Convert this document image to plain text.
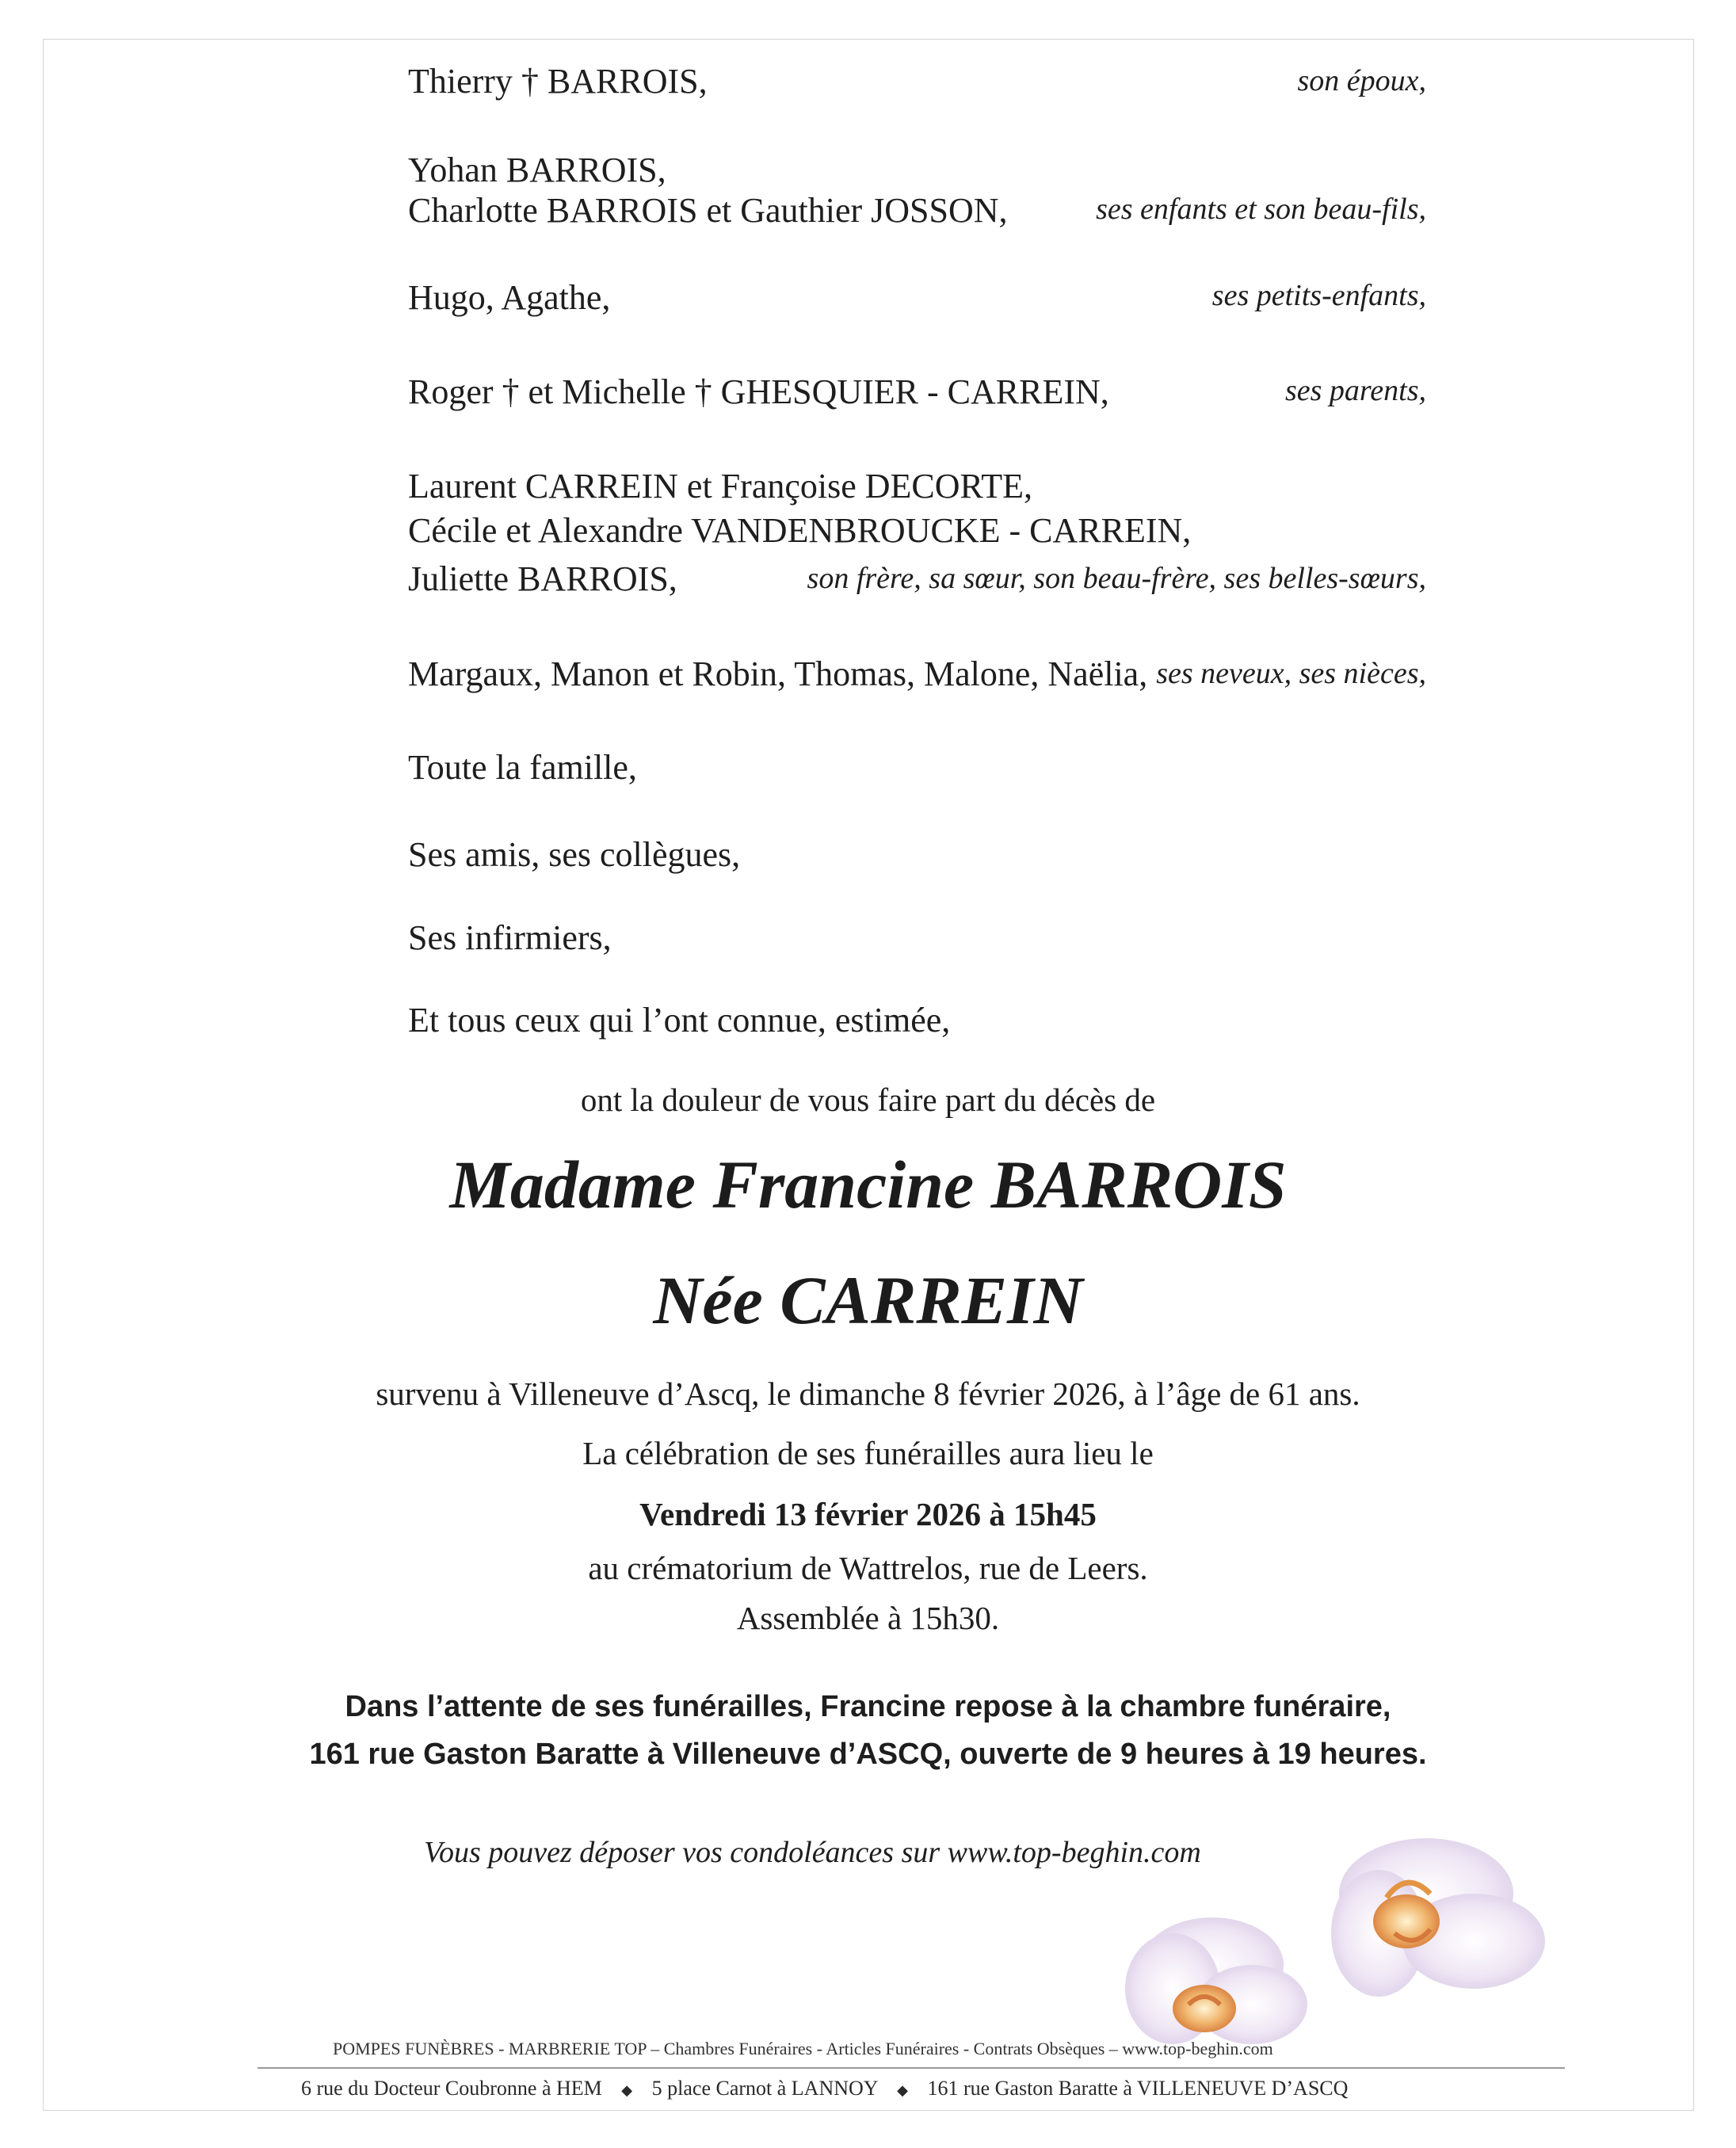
Thierry † BARROIS,	son époux,
Yohan BARROIS,
Charlotte BARROIS et Gauthier JOSSON,	ses enfants et son beau-fils,
Hugo, Agathe,	ses petits-enfants,
Roger † et Michelle † GHESQUIER - CARREIN,	ses parents,
Laurent CARREIN et Françoise DECORTE,
Cécile et Alexandre VANDENBROUCKE - CARREIN,
Juliette BARROIS,	son frère, sa sœur, son beau-frère, ses belles-sœurs,
Margaux, Manon et Robin, Thomas, Malone, Naëlia, ses neveux, ses nièces,
Toute la famille,
Ses amis, ses collègues,
Ses infirmiers,
Et tous ceux qui l’ont connue, estimée,
ont la douleur de vous faire part du décès de
Madame Francine BARROIS
Née CARREIN
survenu à Villeneuve d’Ascq, le dimanche 8 février 2026, à l’âge de 61 ans.
La célébration de ses funérailles aura lieu le
Vendredi 13 février 2026 à 15h45
au crématorium de Wattrelos, rue de Leers.
Assemblée à 15h30.
Dans l’attente de ses funérailles, Francine repose à la chambre funéraire,
161 rue Gaston Baratte à Villeneuve d’ASCQ, ouverte de 9 heures à 19 heures.
Vous pouvez déposer vos condoléances sur www.top-beghin.com
POMPES FUNÈBRES - MARBRERIE TOP – Chambres Funéraires - Articles Funéraires - Contrats Obsèques – www.top-beghin.com
6 rue du Docteur Coubronne à HEM ◆ 5 place Carnot à LANNOY ◆ 161 rue Gaston Baratte à VILLENEUVE D’ASCQ
